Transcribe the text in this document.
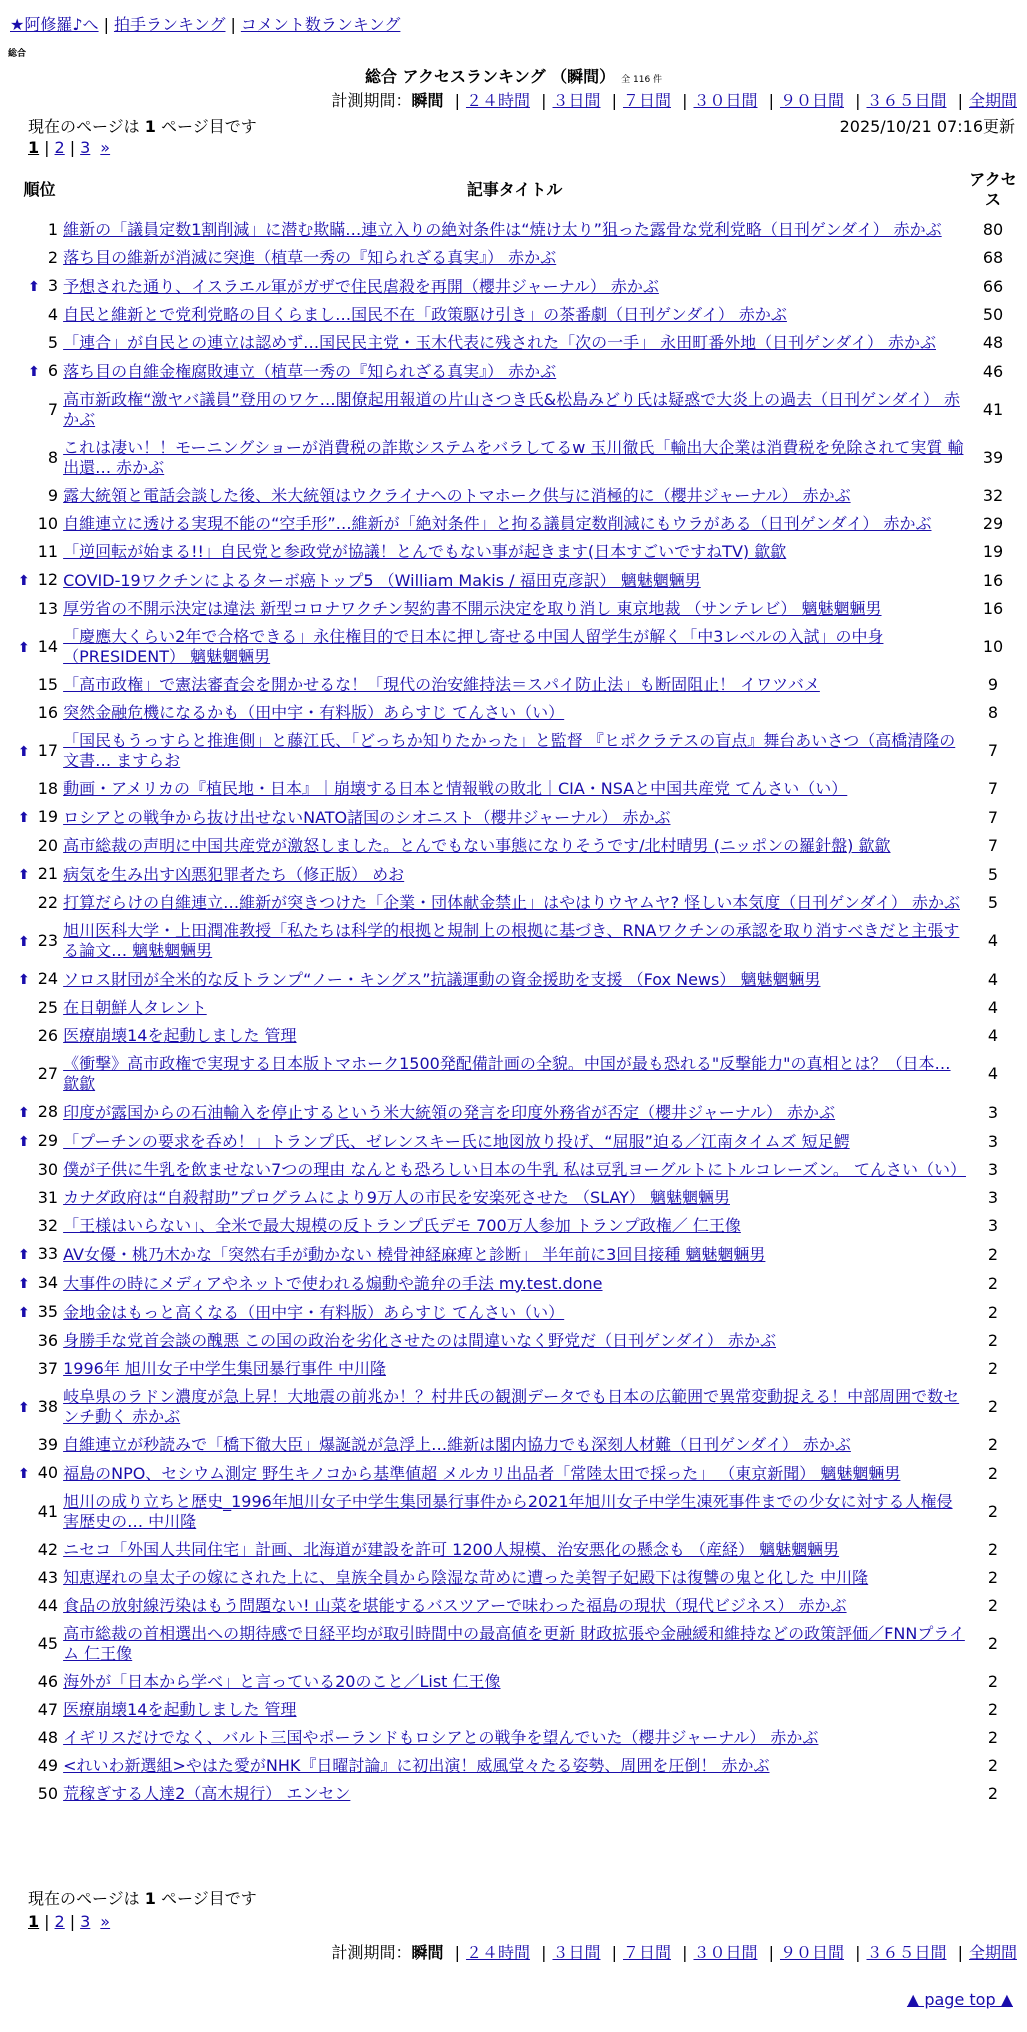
★阿修羅♪へ | 拍手ランキング | コメント数ランキング
総合
総合 アクセスランキング （瞬間） 全 116 件
計測期間：瞬間 | ２４時間 | ３日間 | ７日間 | ３０日間 | ９０日間 | ３６５日間 | 全期間
現在のページは 1 ページ目です	2025/10/21 07:16更新
1 | 2 | 3 »
順位	記事タイトル	アクセス
1	維新の「議員定数1割削減」に潜む欺瞞…連立入りの絶対条件は“焼け太り”狙った露骨な党利党略（日刊ゲンダイ） 赤かぶ	80
2	落ち目の維新が消滅に突進（植草一秀の『知られざる真実』） 赤かぶ	68
⬆ 3	予想された通り、イスラエル軍がガザで住民虐殺を再開（櫻井ジャーナル） 赤かぶ	66
4	自民と維新とで党利党略の目くらまし…国民不在「政策駆け引き」の茶番劇（日刊ゲンダイ） 赤かぶ	50
5	「連合」が自民との連立は認めず…国民民主党・玉木代表に残された「次の一手」 永田町番外地（日刊ゲンダイ） 赤かぶ	48
⬆ 6	落ち目の自維金権腐敗連立（植草一秀の『知られざる真実』） 赤かぶ	46
7	高市新政権“激ヤバ議員”登用のワケ…閣僚起用報道の片山さつき氏&松島みどり氏は疑惑で大炎上の過去（日刊ゲンダイ） 赤かぶ	41
8	これは凄い！！モーニングショーが消費税の詐欺システムをバラしてるw 玉川徹氏「輸出大企業は消費税を免除されて実質 輸出還… 赤かぶ	39
9	露大統領と電話会談した後、米大統領はウクライナへのトマホーク供与に消極的に（櫻井ジャーナル） 赤かぶ	32
10	自維連立に透ける実現不能の“空手形”…維新が「絶対条件」と拘る議員定数削減にもウラがある（日刊ゲンダイ） 赤かぶ	29
11	「逆回転が始まる!!」自民党と参政党が協議！とんでもない事が起きます(日本すごいですねTV) 歙歙	19
⬆ 12	COVID-19ワクチンによるターボ癌トップ5 （William Makis / 福田克彦訳） 魑魅魍魎男	16
13	厚労省の不開示決定は違法 新型コロナワクチン契約書不開示決定を取り消し 東京地裁 （サンテレビ） 魑魅魍魎男	16
⬆ 14	「慶應大くらい2年で合格できる」永住権目的で日本に押し寄せる中国人留学生が解く「中3レベルの入試」の中身（PRESIDENT） 魑魅魍魎男	10
15	「高市政権」で憲法審査会を開かせるな！「現代の治安維持法＝スパイ防止法」も断固阻止！ イワツバメ	9
16	突然金融危機になるかも（田中宇・有料版）あらすじ てんさい（い）	8
⬆ 17	「国民もうっすらと推進側」と藤江氏、「どっちか知りたかった」と監督 『ヒポクラテスの盲点』舞台あいさつ（高橋清隆の文書… ますらお	7
18	動画・アメリカの『植民地・日本』｜崩壊する日本と情報戦の敗北｜CIA・NSAと中国共産党 てんさい（い）	7
⬆ 19	ロシアとの戦争から抜け出せないNATO諸国のシオニスト（櫻井ジャーナル） 赤かぶ	7
20	高市総裁の声明に中国共産党が激怒しました。とんでもない事態になりそうです/北村晴男 (ニッポンの羅針盤) 歙歙	7
⬆ 21	病気を生み出す凶悪犯罪者たち（修正版） めお	5
22	打算だらけの自維連立…維新が突きつけた「企業・団体献金禁止」はやはりウヤムヤ? 怪しい本気度（日刊ゲンダイ） 赤かぶ	5
⬆ 23	旭川医科大学・上田潤准教授「私たちは科学的根拠と規制上の根拠に基づき、RNAワクチンの承認を取り消すべきだと主張する論文… 魑魅魍魎男	4
⬆ 24	ソロス財団が全米的な反トランプ“ノー・キングス”抗議運動の資金援助を支援 （Fox News） 魑魅魍魎男	4
25	在日朝鮮人タレント	4
26	医療崩壊14を起動しました 管理	4
27	《衝撃》高市政権で実現する日本版トマホーク1500発配備計画の全貌。中国が最も恐れる"反撃能力"の真相とは？（日本… 歙歙	4
⬆ 28	印度が露国からの石油輸入を停止するという米大統領の発言を印度外務省が否定（櫻井ジャーナル） 赤かぶ	3
⬆ 29	「プーチンの要求を呑め！」トランプ氏、ゼレンスキー氏に地図放り投げ、“屈服”迫る／江南タイムズ 短足鰐	3
30	僕が子供に牛乳を飲ませない7つの理由 なんとも恐ろしい日本の牛乳 私は豆乳ヨーグルトにトルコレーズン。 てんさい（い）	3
31	カナダ政府は“自殺幇助”プログラムにより9万人の市民を安楽死させた （SLAY） 魑魅魍魎男	3
32	「王様はいらない」、全米で最大規模の反トランプ氏デモ 700万人参加 トランプ政権／ 仁王像	3
⬆ 33	AV女優・桃乃木かな「突然右手が動かない 橈骨神経麻痺と診断」 半年前に3回目接種 魑魅魍魎男	2
⬆ 34	大事件の時にメディアやネットで使われる煽動や詭弁の手法 my.test.done	2
⬆ 35	金地金はもっと高くなる（田中宇・有料版）あらすじ てんさい（い）	2
36	身勝手な党首会談の醜悪 この国の政治を劣化させたのは間違いなく野党だ（日刊ゲンダイ） 赤かぶ	2
37	1996年 旭川女子中学生集団暴行事件 中川隆	2
⬆ 38	岐阜県のラドン濃度が急上昇！大地震の前兆か！？村井氏の観測データでも日本の広範囲で異常変動捉える！中部周囲で数センチ動く 赤かぶ	2
39	自維連立が秒読みで「橋下徹大臣」爆誕説が急浮上…維新は閣内協力でも深刻人材難（日刊ゲンダイ） 赤かぶ	2
⬆ 40	福島のNPO、セシウム測定 野生キノコから基準値超 メルカリ出品者「常陸太田で採った」 （東京新聞） 魑魅魍魎男	2
41	旭川の成り立ちと歴史_1996年旭川女子中学生集団暴行事件から2021年旭川女子中学生凍死事件までの少女に対する人権侵害歴史の… 中川隆	2
42	ニセコ「外国人共同住宅」計画、北海道が建設を許可 1200人規模、治安悪化の懸念も （産経） 魑魅魍魎男	2
43	知恵遅れの皇太子の嫁にされた上に、皇族全員から陰湿な苛めに遭った美智子妃殿下は復讐の鬼と化した 中川隆	2
44	食品の放射線汚染はもう問題ない! 山菜を堪能するバスツアーで味わった福島の現状（現代ビジネス） 赤かぶ	2
45	高市総裁の首相選出への期待感で日経平均が取引時間中の最高値を更新 財政拡張や金融緩和維持などの政策評価／FNNプライム 仁王像	2
46	海外が「日本から学べ」と言っている20のこと／List 仁王像	2
47	医療崩壊14を起動しました 管理	2
48	イギリスだけでなく、バルト三国やポーランドもロシアとの戦争を望んでいた（櫻井ジャーナル） 赤かぶ	2
49	<れいわ新選組>やはた愛がNHK『日曜討論』に初出演！威風堂々たる姿勢、周囲を圧倒！ 赤かぶ	2
50	荒稼ぎする人達2（高木規行） エンセン	2
現在のページは 1 ページ目です
1 | 2 | 3 »
計測期間：瞬間 | ２４時間 | ３日間 | ７日間 | ３０日間 | ９０日間 | ３６５日間 | 全期間
▲ page top ▲
